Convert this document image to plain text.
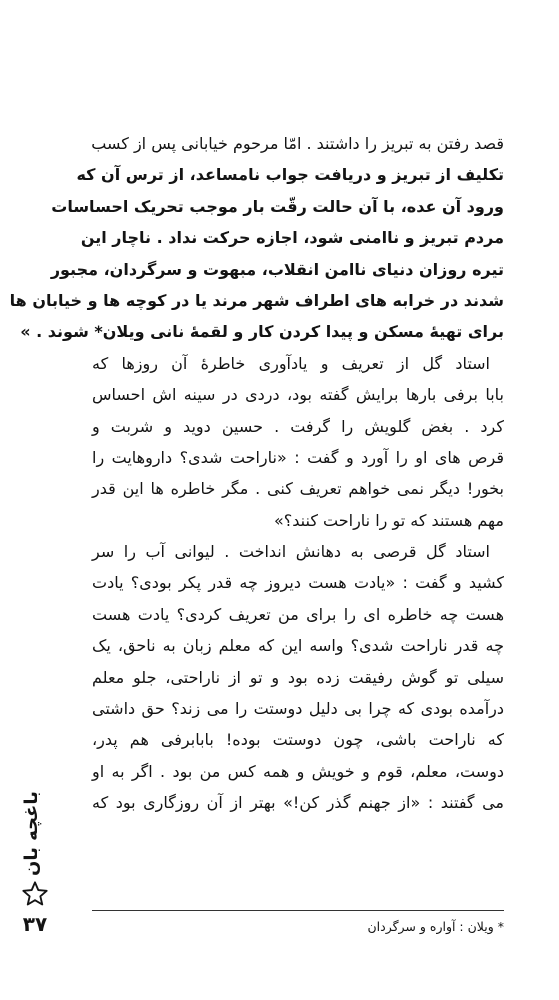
قصد رفتن به تبریز را داشتند . امّا مرحوم خیابانی پس از کسب
تکلیف از تبریز و دریافت جواب نامساعد، از ترس آن که
ورود آن عده، با آن حالت رقّت بار موجب تحریک احساسات
مردم تبریز و ناامنی شود، اجازه حرکت نداد . ناچار این
تیره روزان دنیای ناامن انقلاب، مبهوت و سرگردان، مجبور
شدند در خرابه های اطراف شهر مرند یا در کوچه ها و خیابان ها
برای تهیهٔ مسکن و پیدا کردن کار و لقمهٔ نانی ویلان* شوند . »
استاد گل از تعریف و یادآوری خاطرهٔ آن روزها که
بابا برفی بارها برایش گفته بود، دردی در سینه اش احساس
کرد . بغض گلویش را گرفت . حسین دوید و شربت و
قرص های او را آورد و گفت : «ناراحت شدی؟ داروهایت را
بخور! دیگر نمی خواهم تعریف کنی . مگر خاطره ها این قدر
مهم هستند که تو را ناراحت کنند؟»
استاد گل قرصی به دهانش انداخت . لیوانی آب را سر
کشید و گفت : «یادت هست دیروز چه قدر پکر بودی؟ یادت
هست چه خاطره ای را برای من تعریف کردی؟ یادت هست
چه قدر ناراحت شدی؟ واسه این که معلم زبان به ناحق، یک
سیلی تو گوش رفیقت زده بود و تو از ناراحتی، جلو معلم
درآمده بودی که چرا بی دلیل دوستت را می زند؟ حق داشتی
که ناراحت باشی، چون دوستت بوده! بابابرفی هم پدر،
دوست، معلم، قوم و خویش و همه کس من بود . اگر به او
می گفتند : «از جهنم گذر کن!» بهتر از آن روزگاری بود که
* ویلان : آواره و سرگردان
باغچه بان
۳۷
